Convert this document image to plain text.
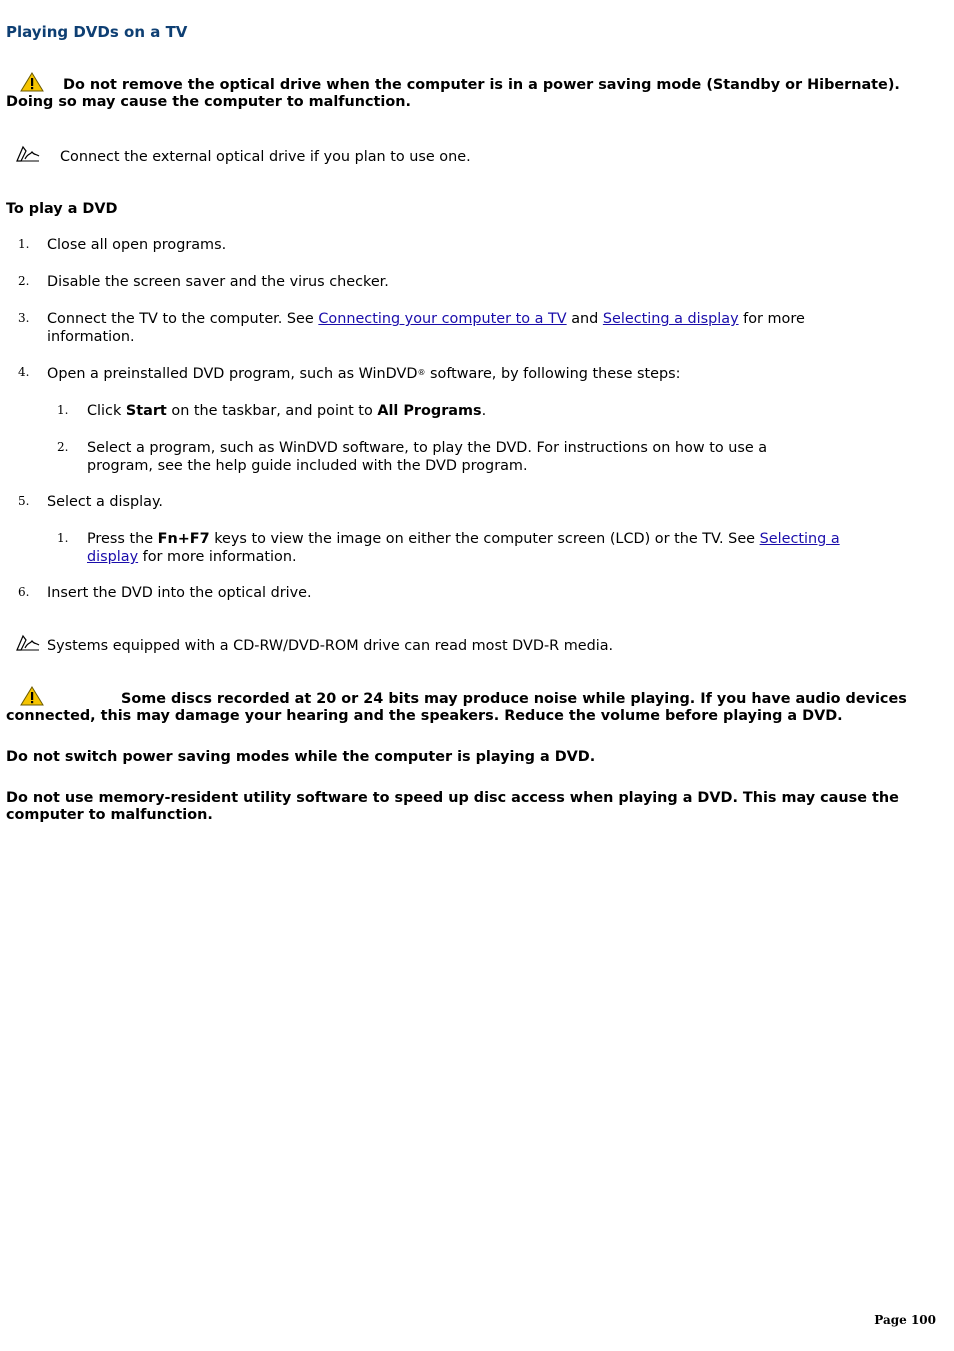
Playing DVDs on a TV
Do not remove the optical drive when the computer is in a power saving mode (Standby or Hibernate). Doing so may cause the computer to malfunction.
Connect the external optical drive if you plan to use one.
To play a DVD
1. Close all open programs.
2. Disable the screen saver and the virus checker.
3. Connect the TV to the computer. See Connecting your computer to a TV and Selecting a display for more information.
4. Open a preinstalled DVD program, such as WinDVD® software, by following these steps:
1. Click Start on the taskbar, and point to All Programs.
2. Select a program, such as WinDVD software, to play the DVD. For instructions on how to use a program, see the help guide included with the DVD program.
5. Select a display.
1. Press the Fn+F7 keys to view the image on either the computer screen (LCD) or the TV. See Selecting a display for more information.
6. Insert the DVD into the optical drive.
Systems equipped with a CD-RW/DVD-ROM drive can read most DVD-R media.
Some discs recorded at 20 or 24 bits may produce noise while playing. If you have audio devices connected, this may damage your hearing and the speakers. Reduce the volume before playing a DVD.
Do not switch power saving modes while the computer is playing a DVD.
Do not use memory-resident utility software to speed up disc access when playing a DVD. This may cause the computer to malfunction.
Page 100
